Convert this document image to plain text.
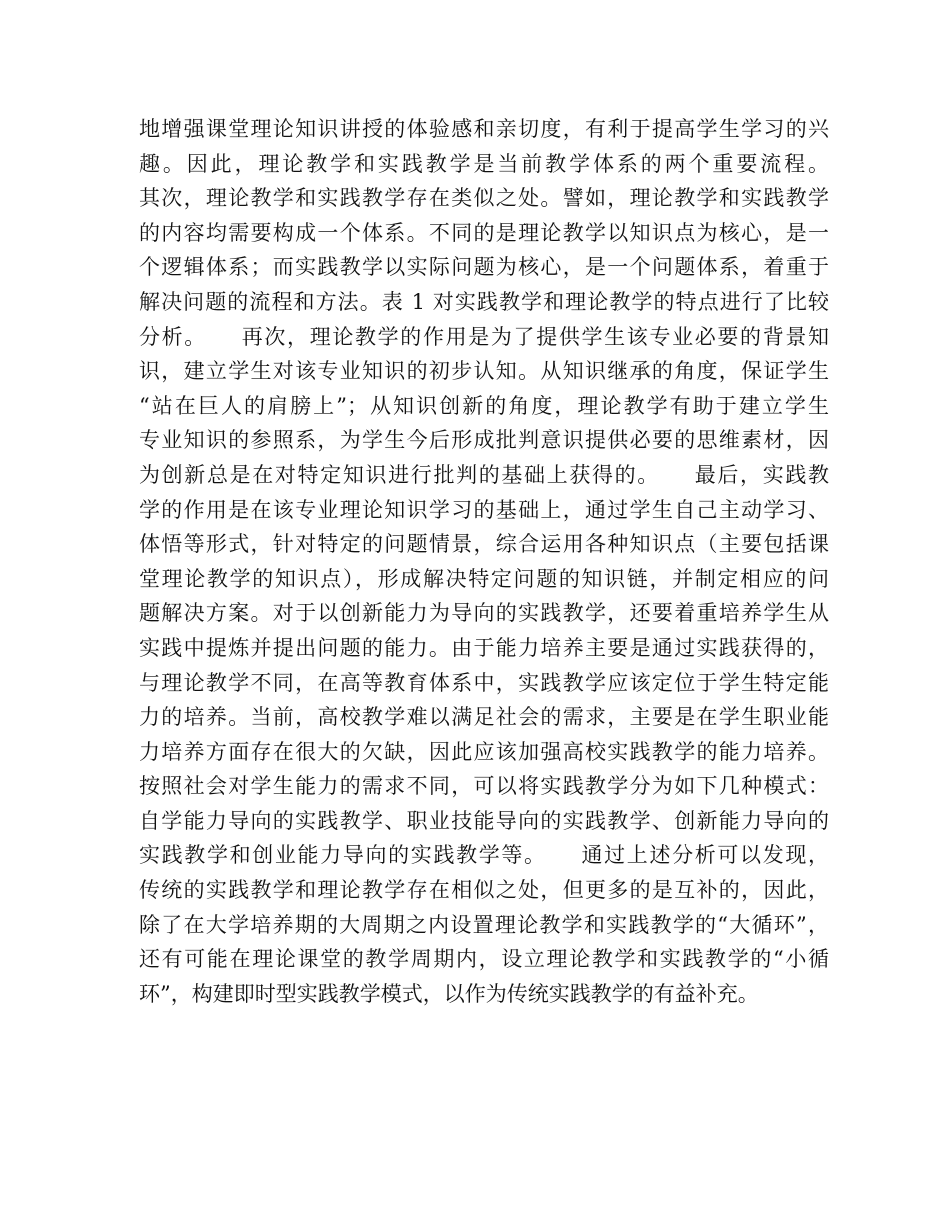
地增强课堂理论知识讲授的体验感和亲切度，有利于提高学生学习的兴
趣。因此，理论教学和实践教学是当前教学体系的两个重要流程。
其次，理论教学和实践教学存在类似之处。譬如，理论教学和实践教学
的内容均需要构成一个体系。不同的是理论教学以知识点为核心，是一
个逻辑体系；而实践教学以实际问题为核心，是一个问题体系，着重于
解决问题的流程和方法。表 1 对实践教学和理论教学的特点进行了比较
分析。　　再次，理论教学的作用是为了提供学生该专业必要的背景知
识，建立学生对该专业知识的初步认知。从知识继承的角度，保证学生
“站在巨人的肩膀上”；从知识创新的角度，理论教学有助于建立学生
专业知识的参照系，为学生今后形成批判意识提供必要的思维素材，因
为创新总是在对特定知识进行批判的基础上获得的。　　最后，实践教
学的作用是在该专业理论知识学习的基础上，通过学生自己主动学习、
体悟等形式，针对特定的问题情景，综合运用各种知识点（主要包括课
堂理论教学的知识点），形成解决特定问题的知识链，并制定相应的问
题解决方案。对于以创新能力为导向的实践教学，还要着重培养学生从
实践中提炼并提出问题的能力。由于能力培养主要是通过实践获得的，
与理论教学不同，在高等教育体系中，实践教学应该定位于学生特定能
力的培养。当前，高校教学难以满足社会的需求，主要是在学生职业能
力培养方面存在很大的欠缺，因此应该加强高校实践教学的能力培养。
按照社会对学生能力的需求不同，可以将实践教学分为如下几种模式：
自学能力导向的实践教学、职业技能导向的实践教学、创新能力导向的
实践教学和创业能力导向的实践教学等。　　通过上述分析可以发现，
传统的实践教学和理论教学存在相似之处，但更多的是互补的，因此，
除了在大学培养期的大周期之内设置理论教学和实践教学的“大循环”，
还有可能在理论课堂的教学周期内，设立理论教学和实践教学的“小循
环”，构建即时型实践教学模式，以作为传统实践教学的有益补充。
